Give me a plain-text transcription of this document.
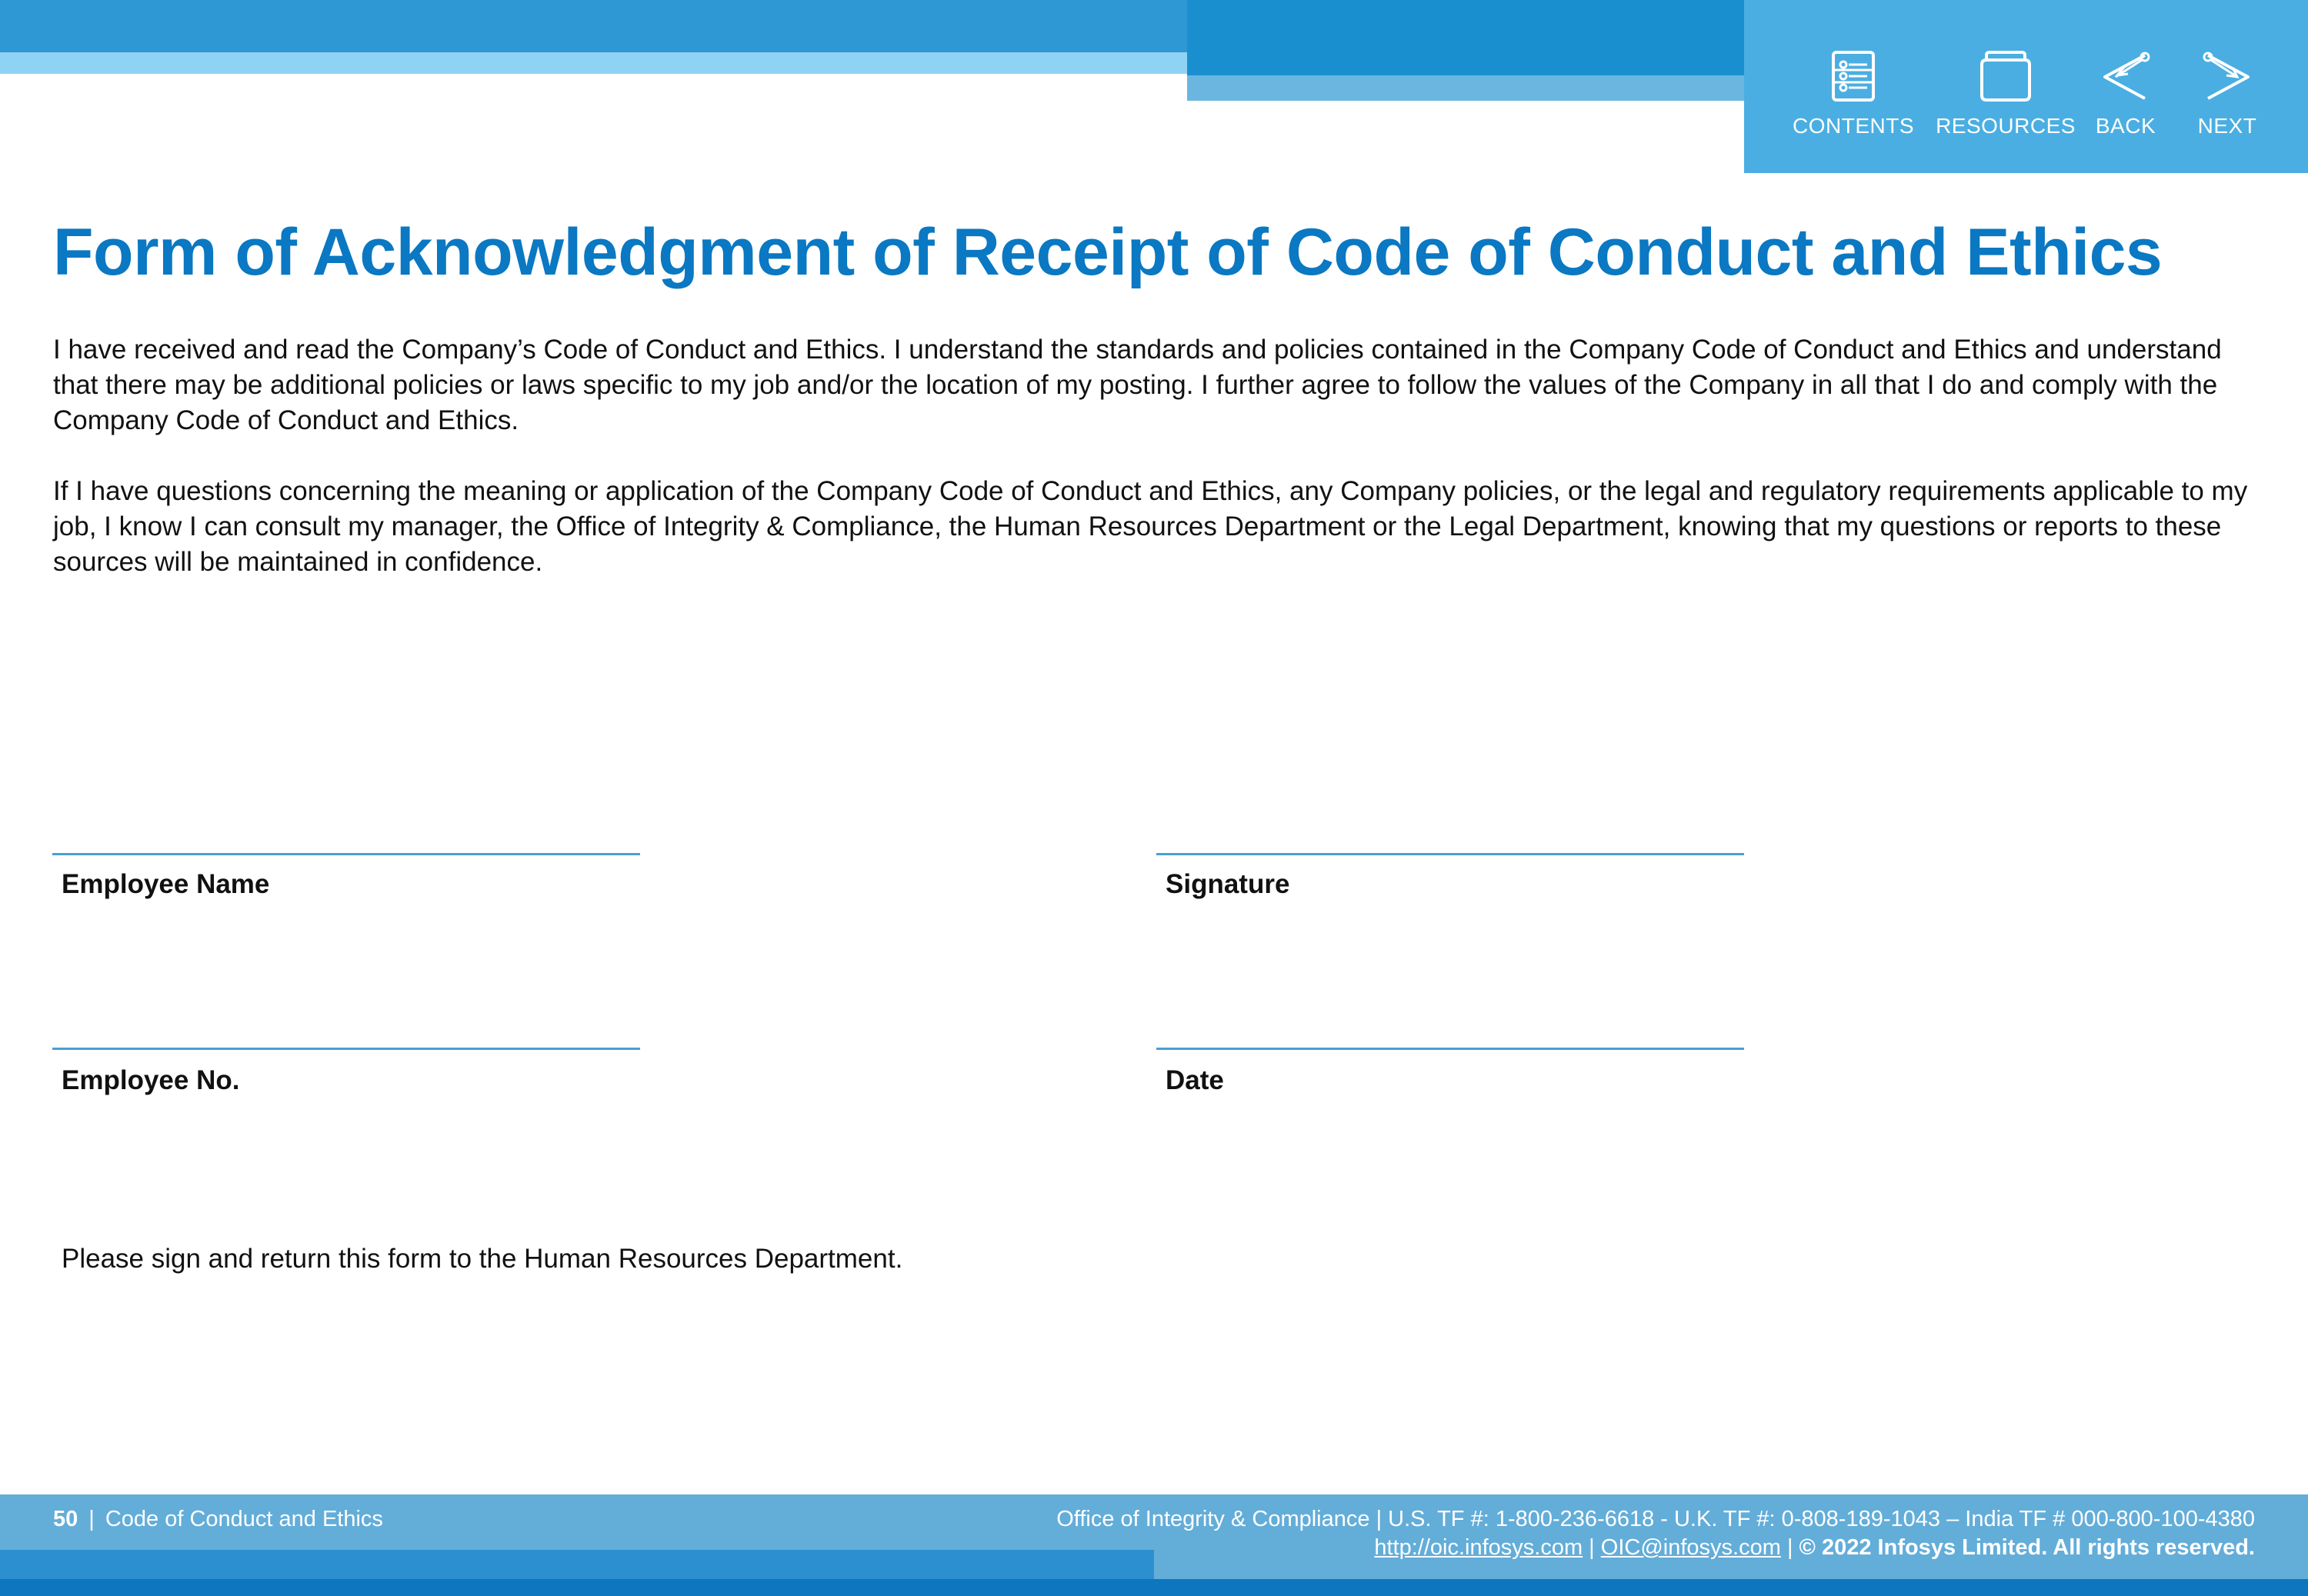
CONTENTS RESOURCES BACK NEXT
Form of Acknowledgment of Receipt of Code of Conduct and Ethics

I have received and read the Company’s Code of Conduct and Ethics. I understand the standards and policies contained in the Company Code of Conduct and Ethics and understand that there may be additional policies or laws specific to my job and/or the location of my posting. I further agree to follow the values of the Company in all that I do and comply with the Company Code of Conduct and Ethics.

If I have questions concerning the meaning or application of the Company Code of Conduct and Ethics, any Company policies, or the legal and regulatory requirements applicable to my job, I know I can consult my manager, the Office of Integrity & Compliance, the Human Resources Department or the Legal Department, knowing that my questions or reports to these sources will be maintained in confidence.

Employee Name	Signature
Employee No.	Date
Please sign and return this form to the Human Resources Department.
50 | Code of Conduct and Ethics	Office of Integrity & Compliance | U.S. TF #: 1-800-236-6618 - U.K. TF #: 0-808-189-1043 – India TF # 000-800-100-4380
http://oic.infosys.com | OIC@infosys.com | © 2022 Infosys Limited. All rights reserved.
